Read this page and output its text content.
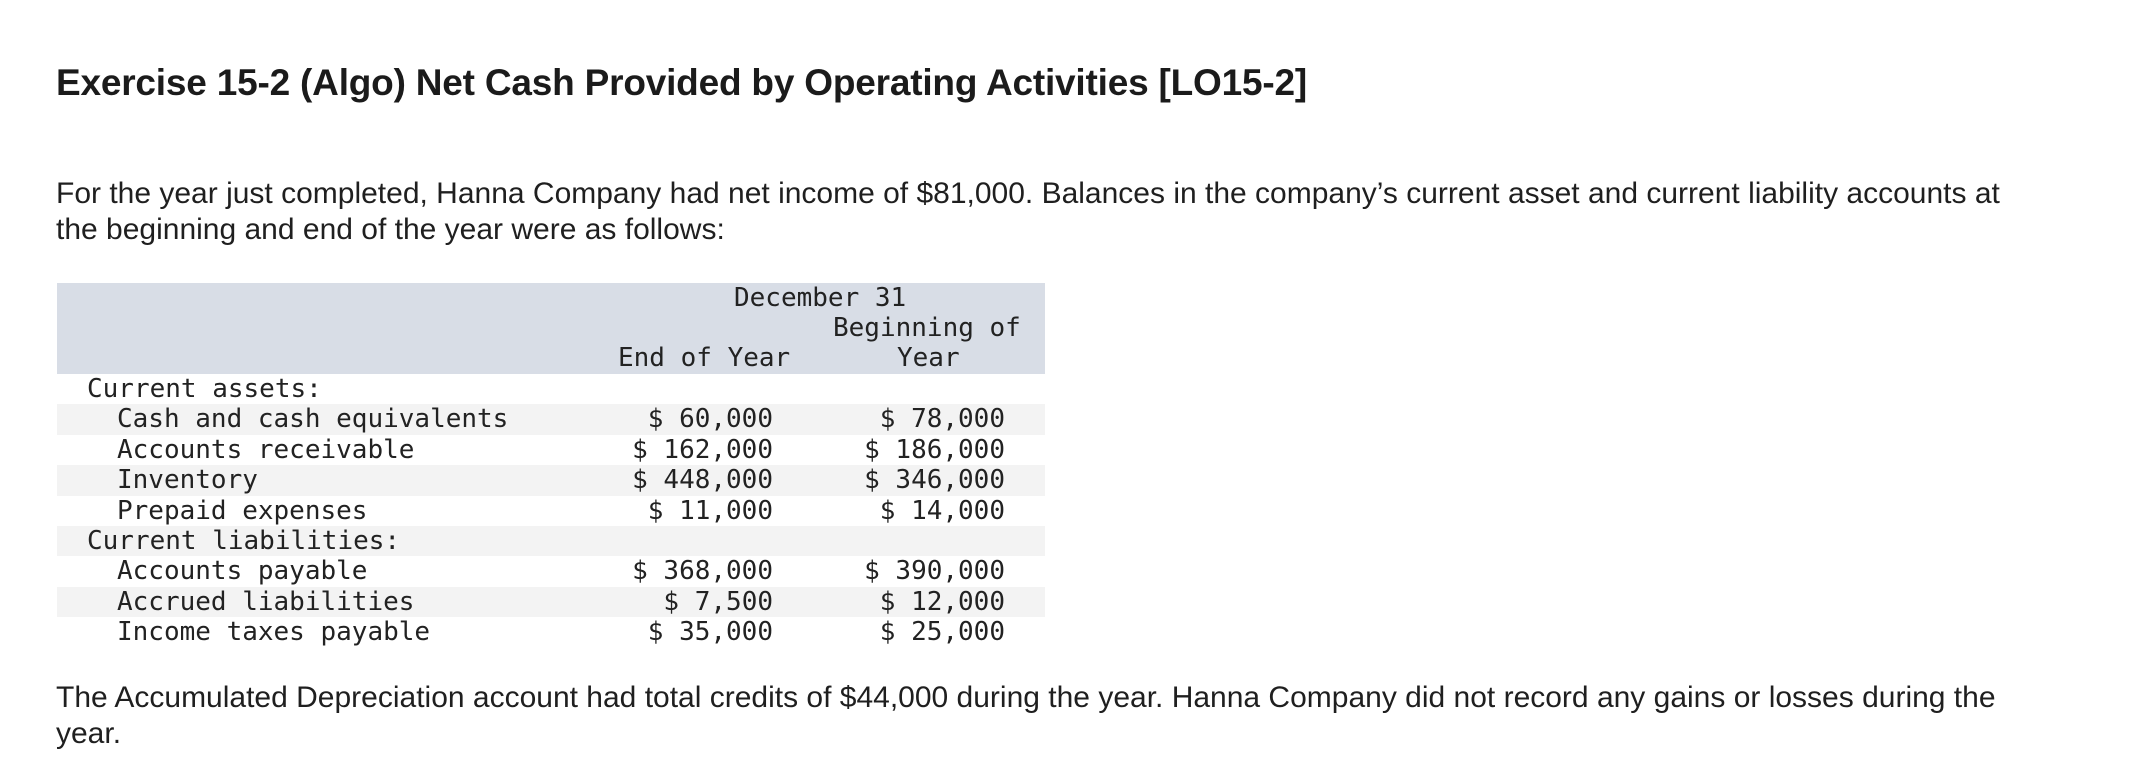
Exercise 15-2 (Algo) Net Cash Provided by Operating Activities [LO15-2]

For the year just completed, Hanna Company had net income of $81,000. Balances in the company’s current asset and current liability accounts at the beginning and end of the year were as follows:

December 31
End of Year
Beginning of
Year
Current assets:
Cash and cash equivalents	$ 60,000	$ 78,000
Accounts receivable	$ 162,000	$ 186,000
Inventory	$ 448,000	$ 346,000
Prepaid expenses	$ 11,000	$ 14,000
Current liabilities:
Accounts payable	$ 368,000	$ 390,000
Accrued liabilities	$ 7,500	$ 12,000
Income taxes payable	$ 35,000	$ 25,000

The Accumulated Depreciation account had total credits of $44,000 during the year. Hanna Company did not record any gains or losses during the year.
